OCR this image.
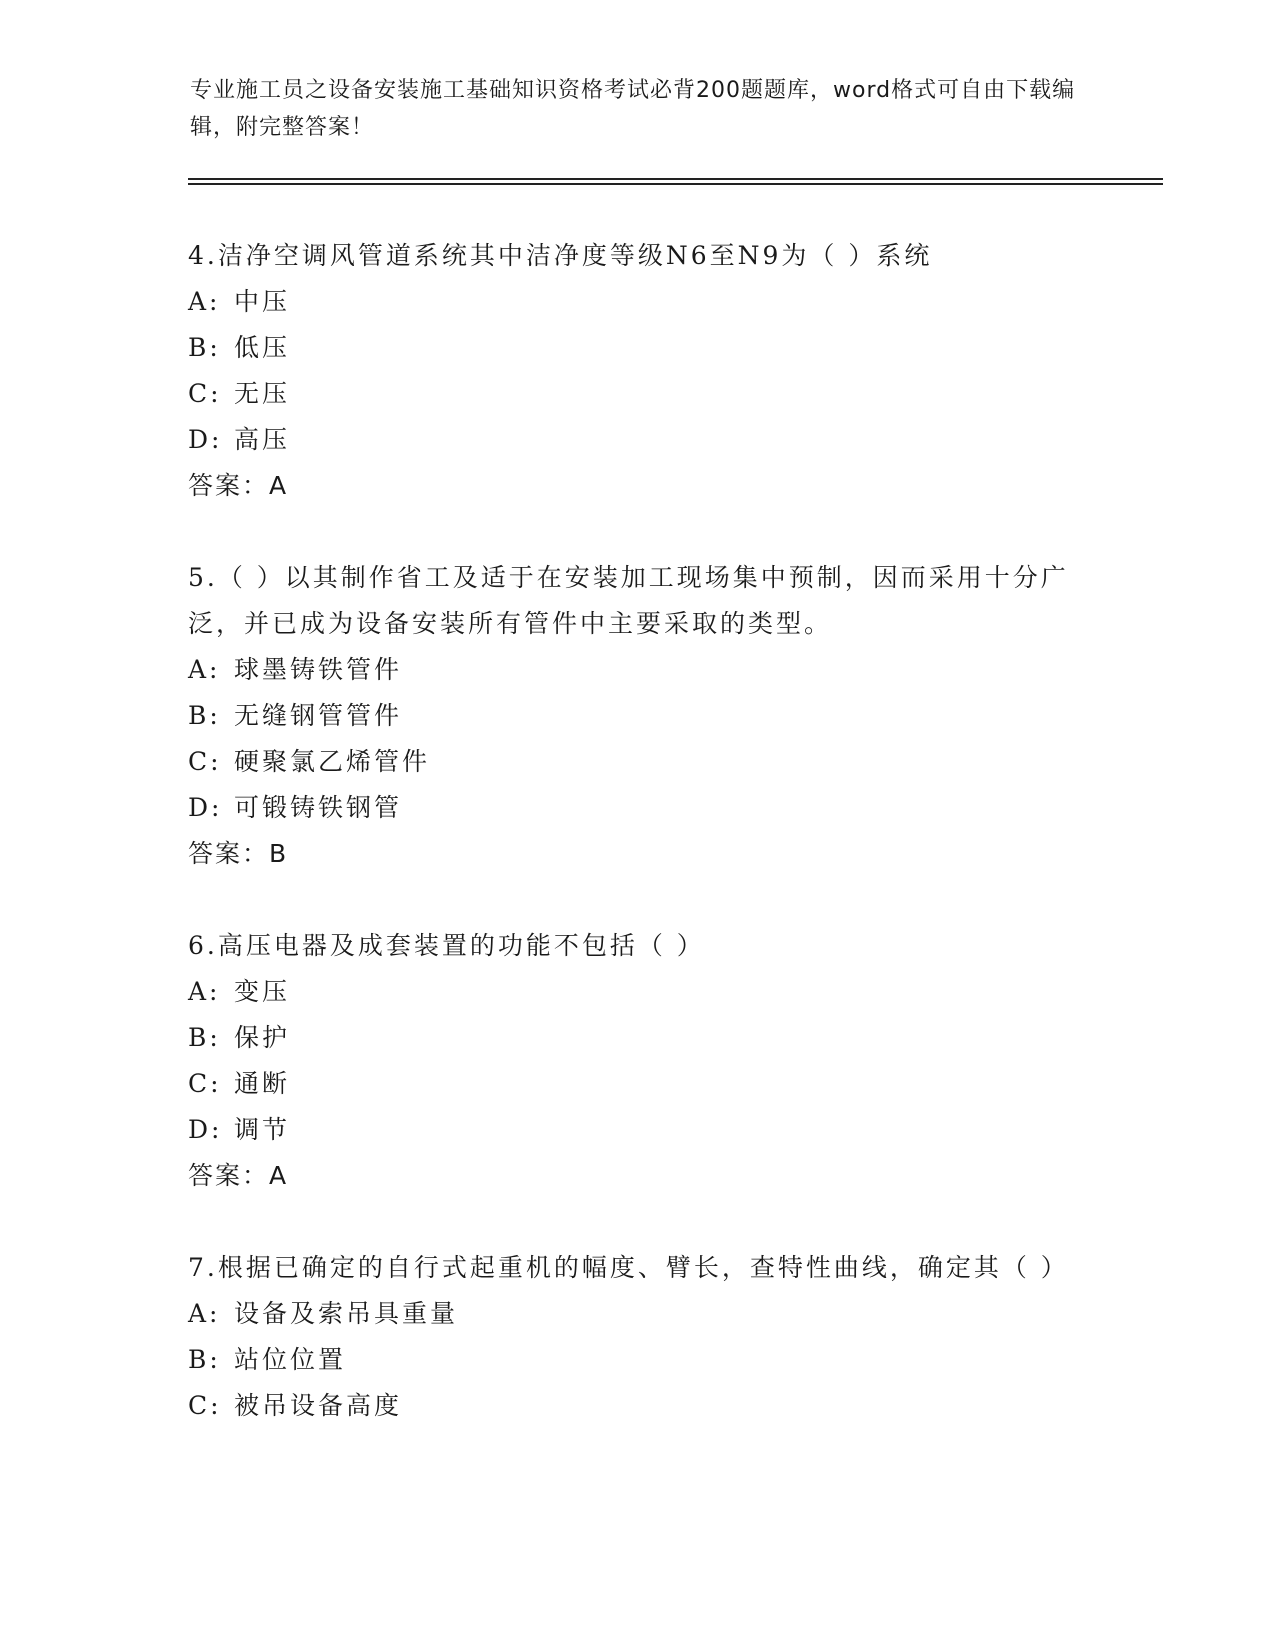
专业施工员之设备安装施工基础知识资格考试必背200题题库，word格式可自由下载编辑，附完整答案！
4.洁净空调风管道系统其中洁净度等级N6至N9为（ ）系统
A: 中压
B: 低压
C: 无压
D: 高压
答案：A
5.（ ）以其制作省工及适于在安装加工现场集中预制，因而采用十分广泛，并已成为设备安装所有管件中主要采取的类型。
A: 球墨铸铁管件
B: 无缝钢管管件
C: 硬聚氯乙烯管件
D: 可锻铸铁钢管
答案：B
6.高压电器及成套装置的功能不包括（ ）
A: 变压
B: 保护
C: 通断
D: 调节
答案：A
7.根据已确定的自行式起重机的幅度、臂长，查特性曲线，确定其（ ）
A: 设备及索吊具重量
B: 站位位置
C: 被吊设备高度
